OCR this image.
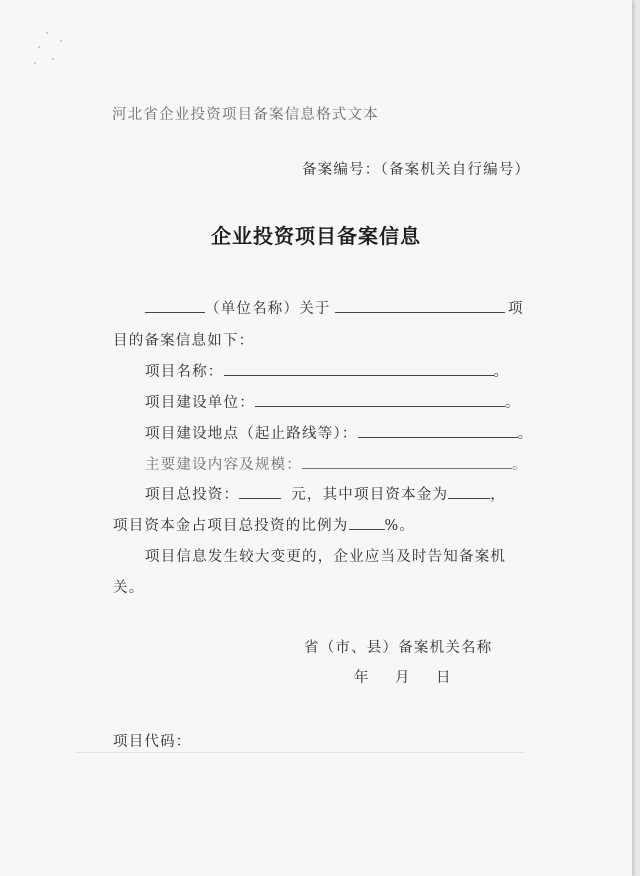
河北省企业投资项目备案信息格式文本
备案编号：（备案机关自行编号）
企业投资项目备案信息
（单位名称）关于	项
目的备案信息如下：
项目名称：	。
项目建设单位：	。
项目建设地点（起止路线等）：	。
主要建设内容及规模：	。
项目总投资：	元，其中项目资本金为	，
项目资本金占项目总投资的比例为 %。
项目信息发生较大变更的，企业应当及时告知备案机
关。
省（市、县）备案机关名称
年　月　日

项目代码：
